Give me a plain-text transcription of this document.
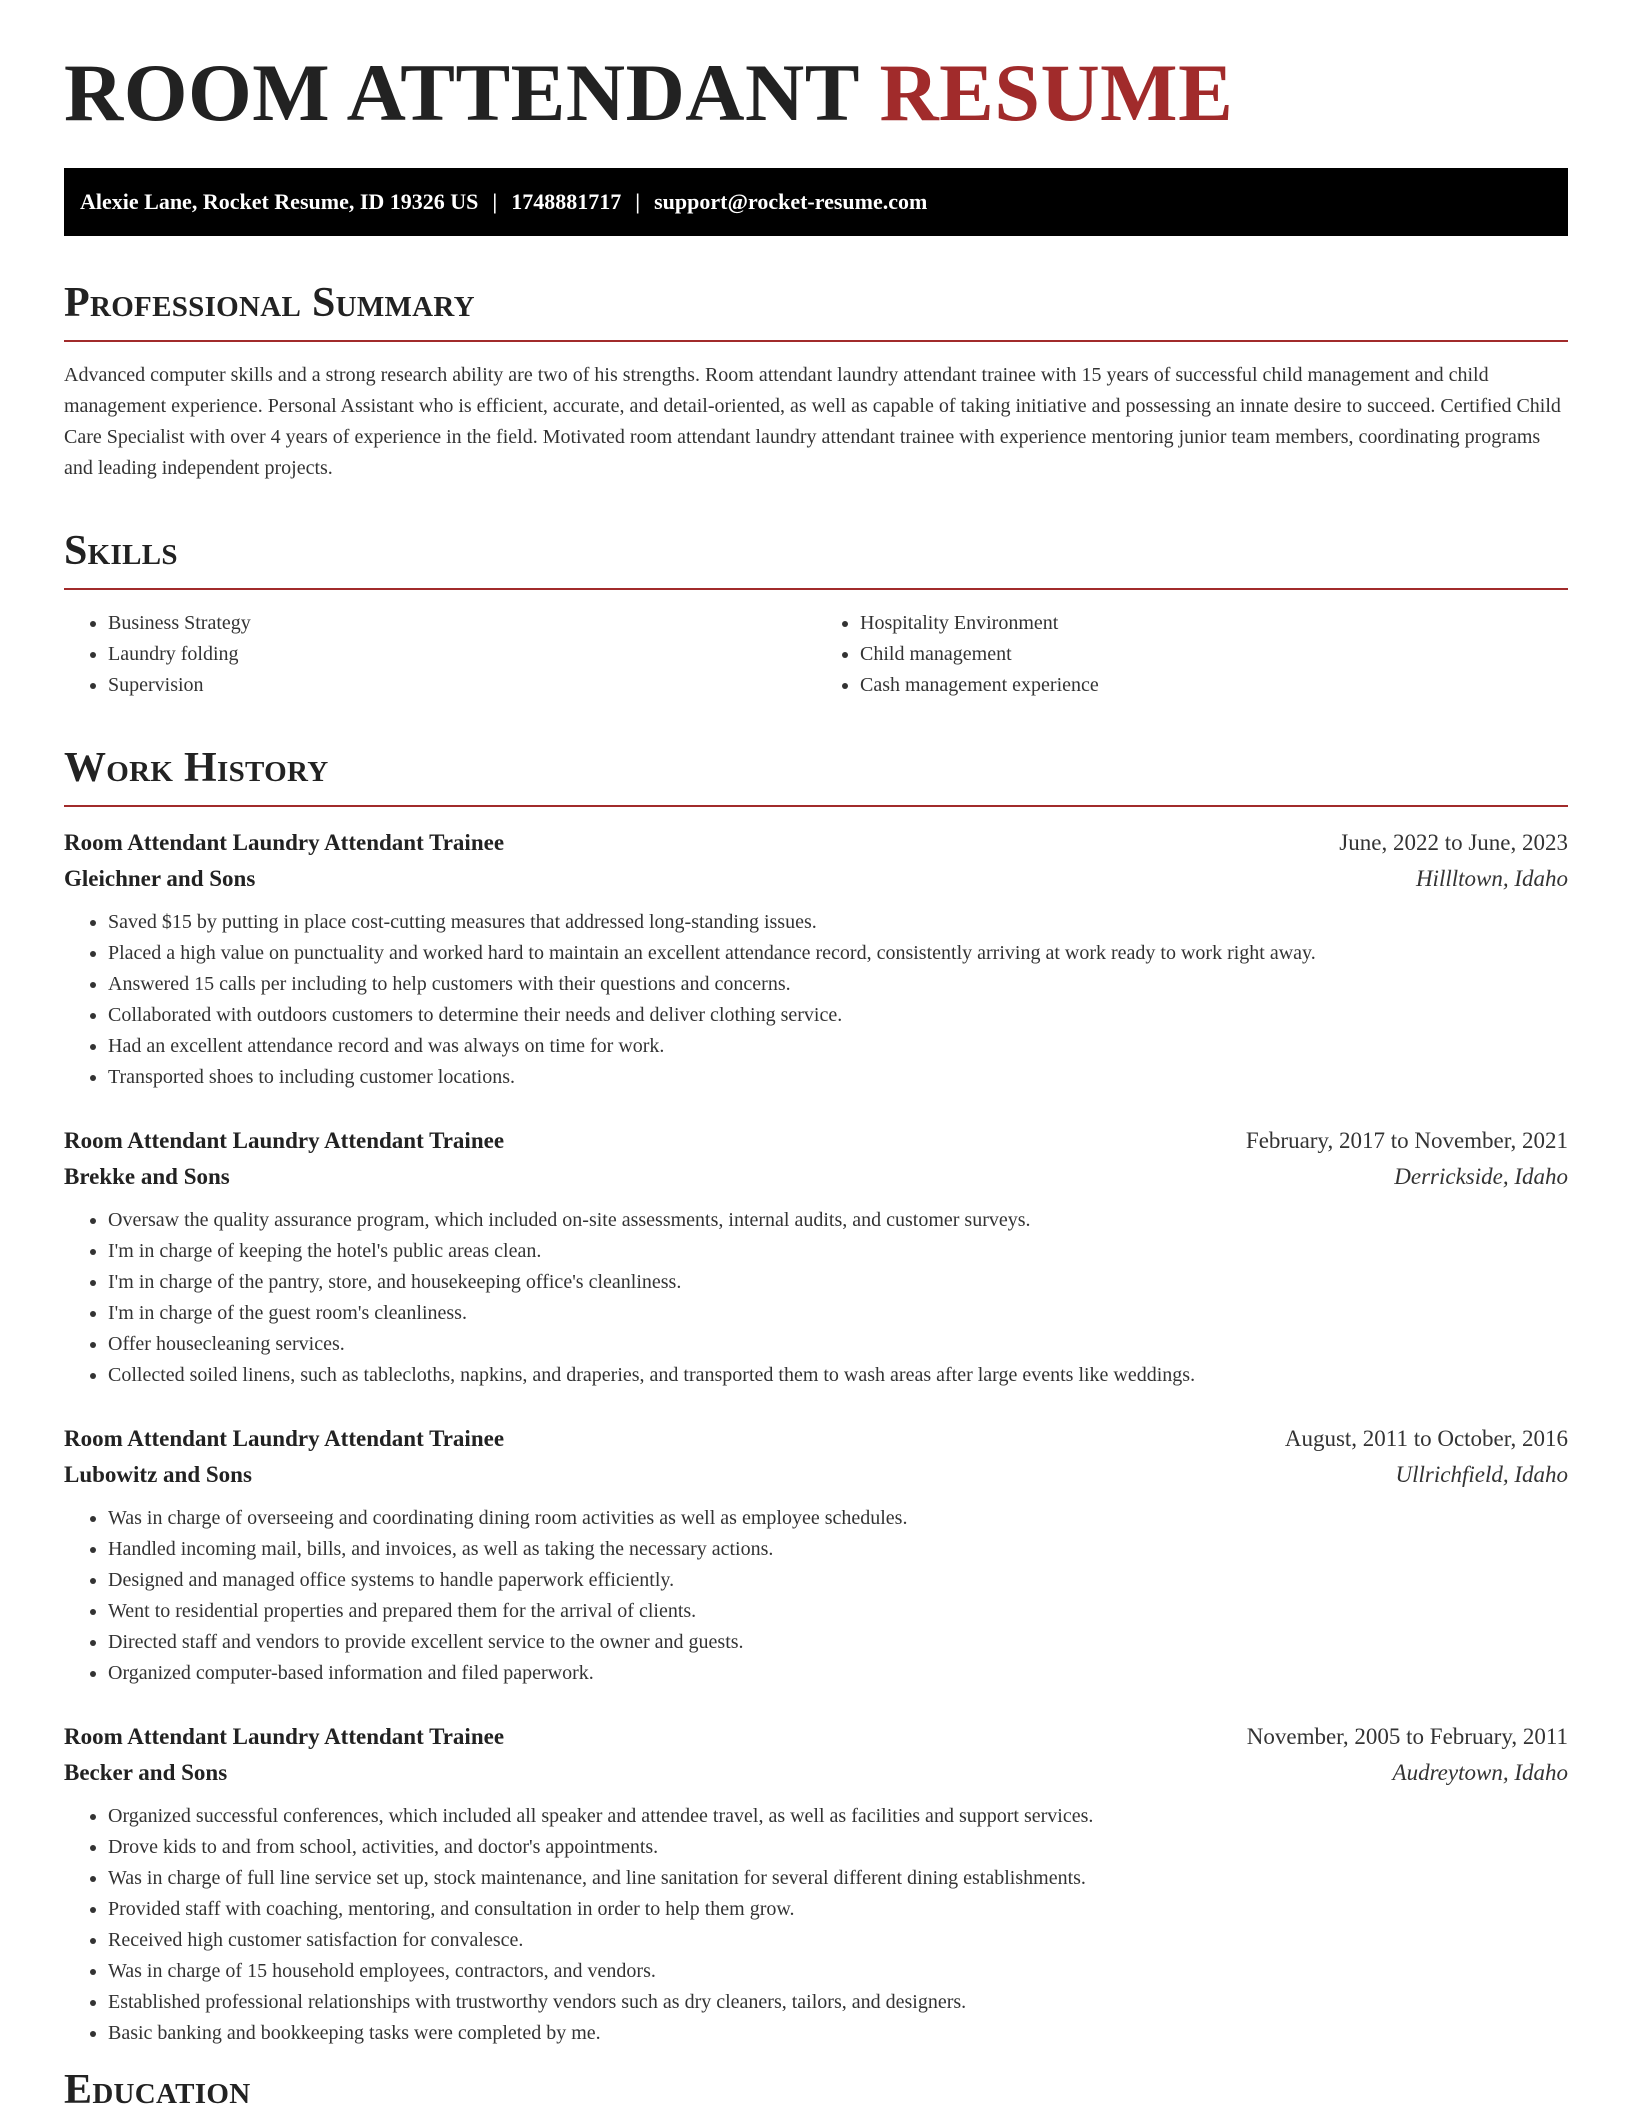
ROOM ATTENDANT RESUME
Alexie Lane, Rocket Resume, ID 19326 US | 1748881717 | support@rocket-resume.com
Professional Summary

Advanced computer skills and a strong research ability are two of his strengths. Room attendant laundry attendant trainee with 15 years of successful child management and child management experience. Personal Assistant who is efficient, accurate, and detail-oriented, as well as capable of taking initiative and possessing an innate desire to succeed. Certified Child Care Specialist with over 4 years of experience in the field. Motivated room attendant laundry attendant trainee with experience mentoring junior team members, coordinating programs and leading independent projects.

Skills
• Business Strategy
• Laundry folding
• Supervision
• Hospitality Environment
• Child management
• Cash management experience
Work History
Room Attendant Laundry Attendant Trainee	June, 2022 to June, 2023
Gleichner and Sons	Hillltown, Idaho
• Saved $15 by putting in place cost-cutting measures that addressed long-standing issues.
• Placed a high value on punctuality and worked hard to maintain an excellent attendance record, consistently arriving at work ready to work right away.
• Answered 15 calls per including to help customers with their questions and concerns.
• Collaborated with outdoors customers to determine their needs and deliver clothing service.
• Had an excellent attendance record and was always on time for work.
• Transported shoes to including customer locations.
Room Attendant Laundry Attendant Trainee	February, 2017 to November, 2021
Brekke and Sons	Derrickside, Idaho
• Oversaw the quality assurance program, which included on-site assessments, internal audits, and customer surveys.
• I'm in charge of keeping the hotel's public areas clean.
• I'm in charge of the pantry, store, and housekeeping office's cleanliness.
• I'm in charge of the guest room's cleanliness.
• Offer housecleaning services.
• Collected soiled linens, such as tablecloths, napkins, and draperies, and transported them to wash areas after large events like weddings.
Room Attendant Laundry Attendant Trainee	August, 2011 to October, 2016
Lubowitz and Sons	Ullrichfield, Idaho
• Was in charge of overseeing and coordinating dining room activities as well as employee schedules.
• Handled incoming mail, bills, and invoices, as well as taking the necessary actions.
• Designed and managed office systems to handle paperwork efficiently.
• Went to residential properties and prepared them for the arrival of clients.
• Directed staff and vendors to provide excellent service to the owner and guests.
• Organized computer-based information and filed paperwork.
Room Attendant Laundry Attendant Trainee	November, 2005 to February, 2011
Becker and Sons	Audreytown, Idaho
• Organized successful conferences, which included all speaker and attendee travel, as well as facilities and support services.
• Drove kids to and from school, activities, and doctor's appointments.
• Was in charge of full line service set up, stock maintenance, and line sanitation for several different dining establishments.
• Provided staff with coaching, mentoring, and consultation in order to help them grow.
• Received high customer satisfaction for convalesce.
• Was in charge of 15 household employees, contractors, and vendors.
• Established professional relationships with trustworthy vendors such as dry cleaners, tailors, and designers.
• Basic banking and bookkeeping tasks were completed by me.
Education
